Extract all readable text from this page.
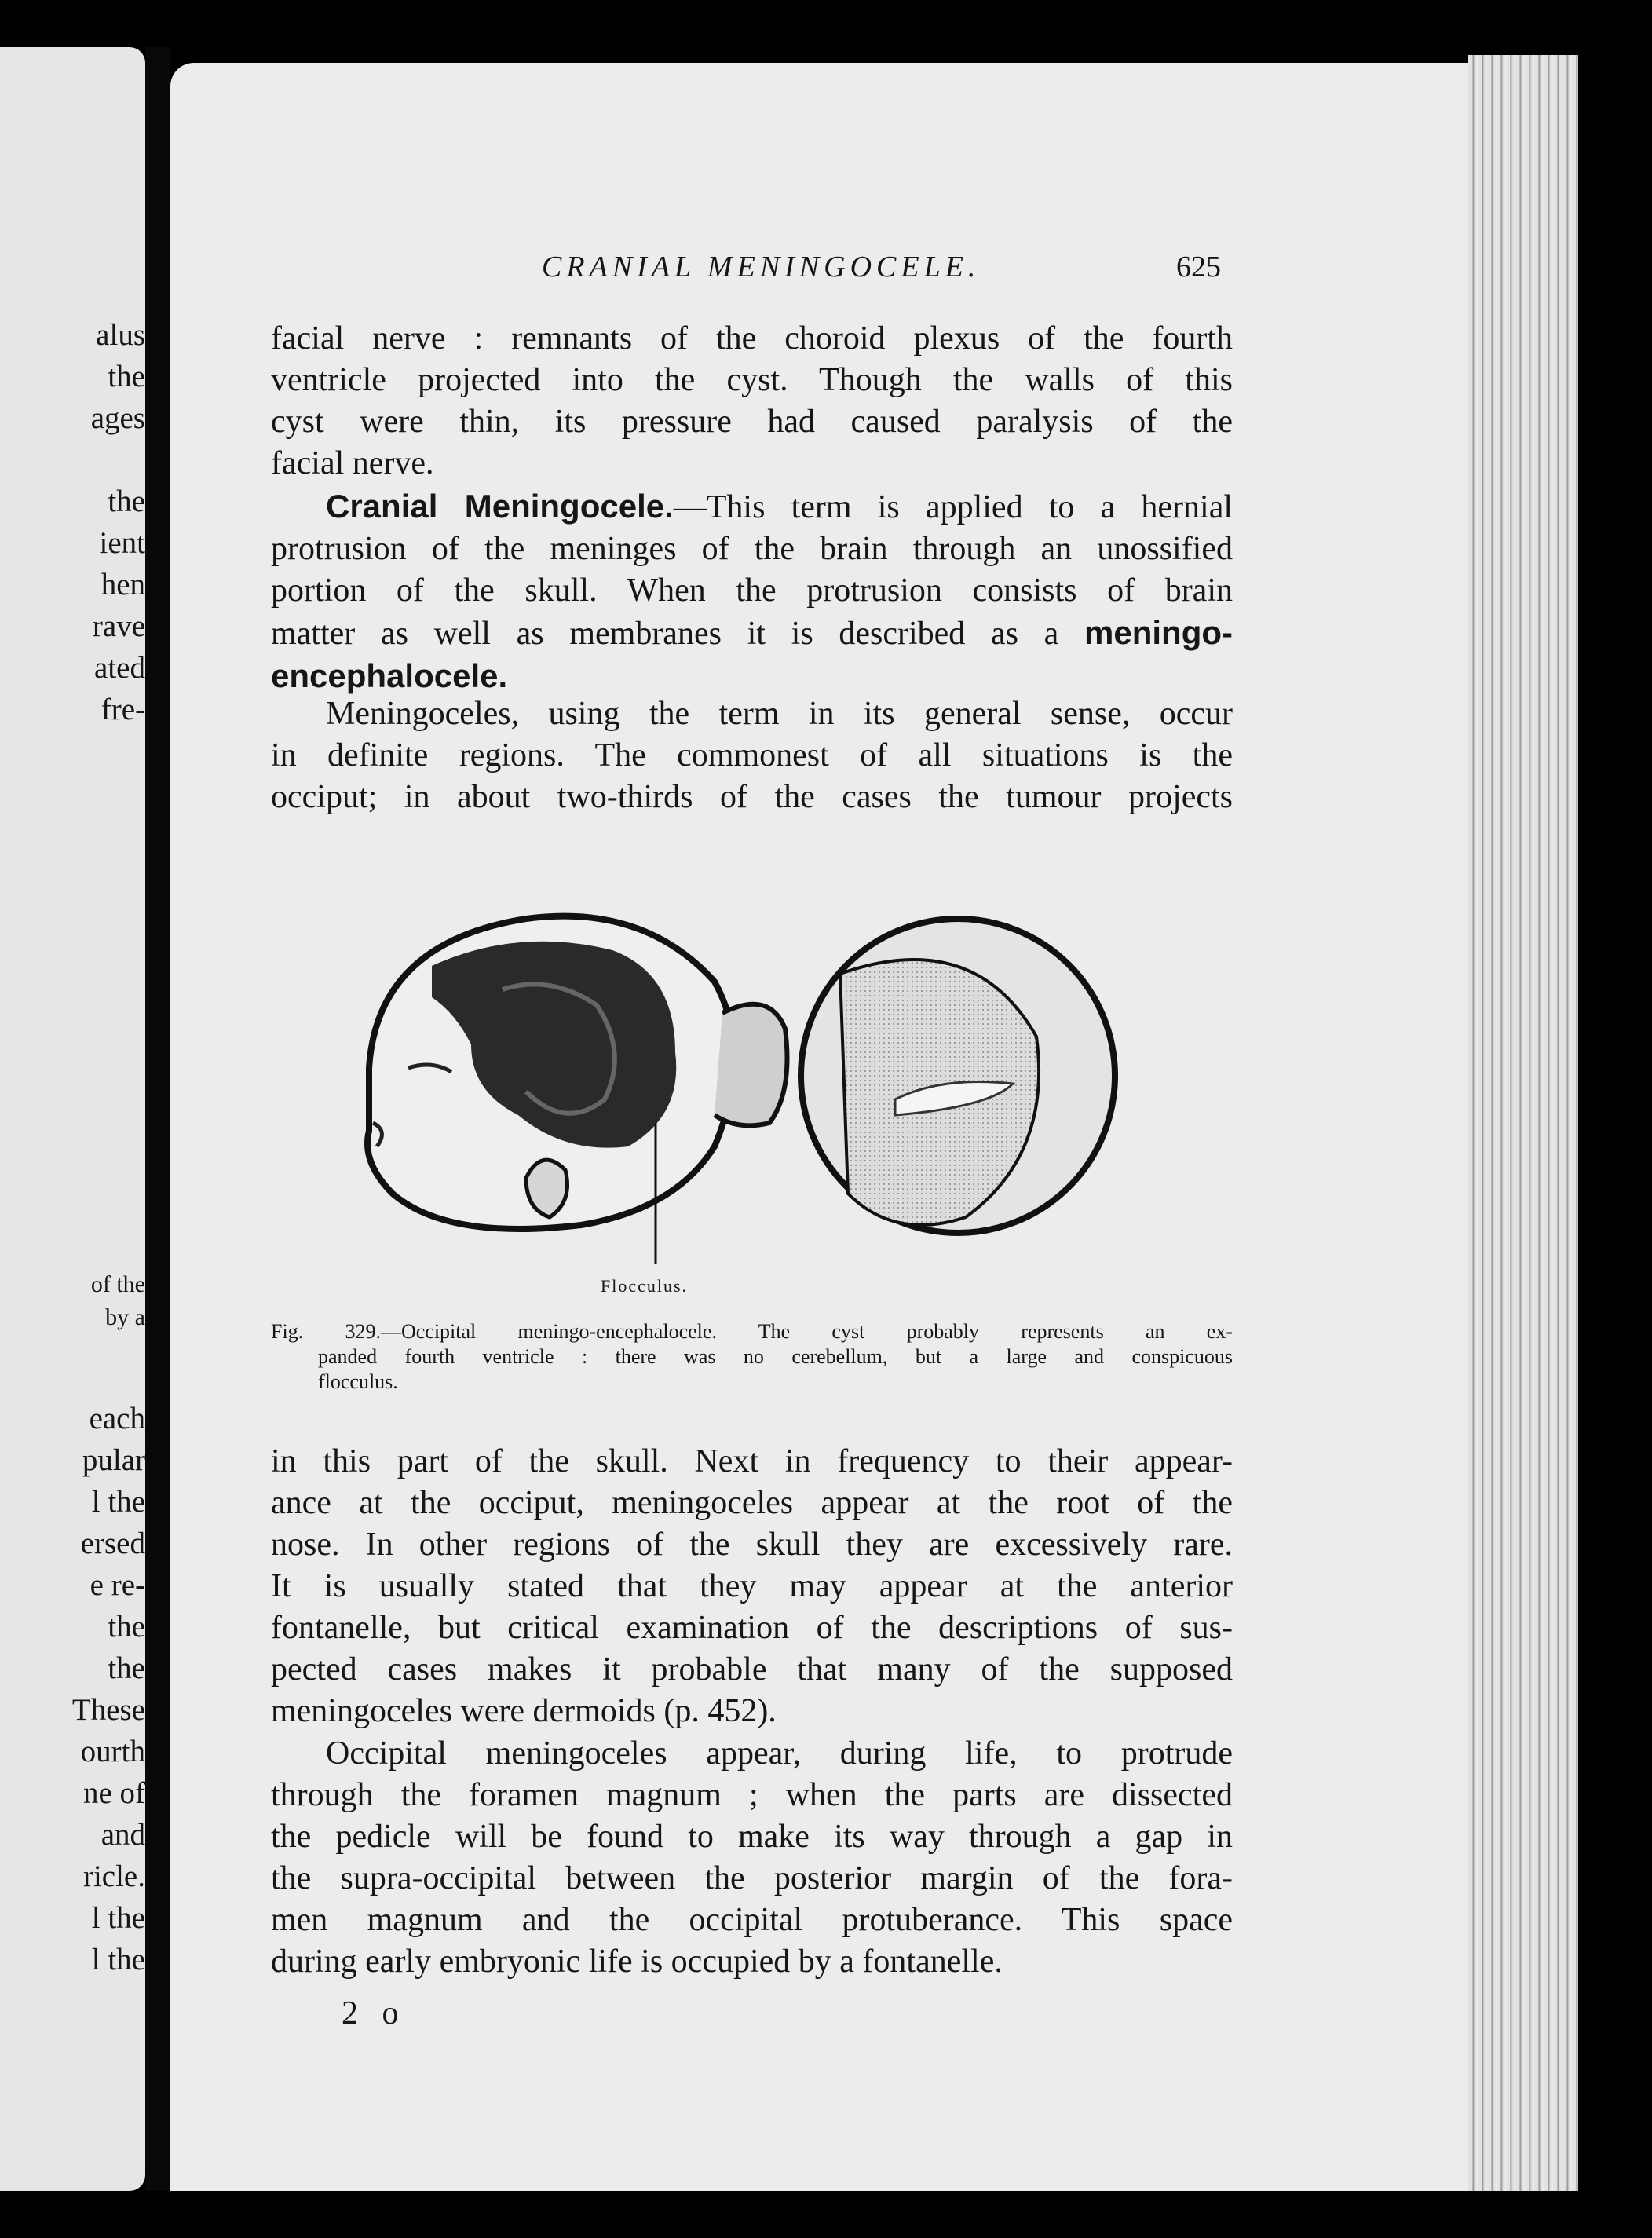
alus
the
ages
the
ient
hen
rave
ated
fre-
of the
by a
each
pular
l the
ersed
e re-
the
the
These
ourth
ne of
and
ricle.
l the
l the
CRANIAL MENINGOCELE.	625

facial nerve : remnants of the choroid plexus of the fourth

ventricle projected into the cyst. Though the walls of this

cyst were thin, its pressure had caused paralysis of the

facial nerve.

Cranial Meningocele.—This term is applied to a hernial

protrusion of the meninges of the brain through an unossified

portion of the skull. When the protrusion consists of brain

matter as well as membranes it is described as a meningo-

encephalocele.

Meningoceles, using the term in its general sense, occur

in definite regions. The commonest of all situations is the

occiput; in about two-thirds of the cases the tumour projects

Flocculus.

Fig. 329.—Occipital meningo-encephalocele. The cyst probably represents an ex-

panded fourth ventricle : there was no cerebellum, but a large and conspicuous

flocculus.

in this part of the skull. Next in frequency to their appear-

ance at the occiput, meningoceles appear at the root of the

nose. In other regions of the skull they are excessively rare.

It is usually stated that they may appear at the anterior

fontanelle, but critical examination of the descriptions of sus-

pected cases makes it probable that many of the supposed

meningoceles were dermoids (p. 452).

Occipital meningoceles appear, during life, to protrude

through the foramen magnum ; when the parts are dissected

the pedicle will be found to make its way through a gap in

the supra-occipital between the posterior margin of the fora-

men magnum and the occipital protuberance. This space

during early embryonic life is occupied by a fontanelle.

2 o
